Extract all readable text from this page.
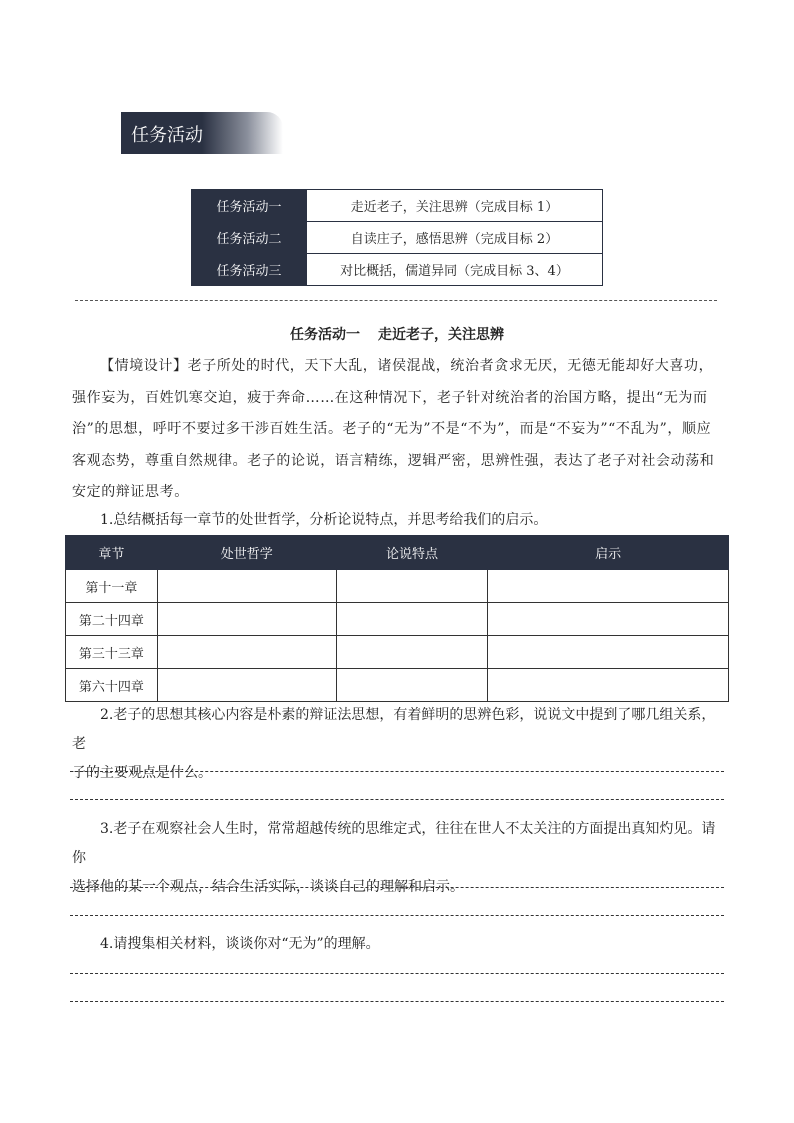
任务活动
任务活动一	走近老子，关注思辨（完成目标 1）
任务活动二	自读庄子，感悟思辨（完成目标 2）
任务活动三	对比概括，儒道异同（完成目标 3、4）
任务活动一 走近老子，关注思辨
【情境设计】老子所处的时代，天下大乱，诸侯混战，统治者贪求无厌，无德无能却好大喜功，强作妄为，百姓饥寒交迫，疲于奔命……在这种情况下，老子针对统治者的治国方略，提出“无为而治”的思想，呼吁不要过多干涉百姓生活。老子的“无为”不是“不为”，而是“不妄为”“不乱为”，顺应客观态势，尊重自然规律。老子的论说，语言精练，逻辑严密，思辨性强，表达了老子对社会动荡和安定的辩证思考。
1.总结概括每一章节的处世哲学，分析论说特点，并思考给我们的启示。
章节	处世哲学	论说特点	启示
第十一章			
第二十四章			
第三十三章			
第六十四章			
2.老子的思想其核心内容是朴素的辩证法思想，有着鲜明的思辨色彩，说说文中提到了哪几组关系，老
子的主要观点是什么。
3.老子在观察社会人生时，常常超越传统的思维定式，往往在世人不太关注的方面提出真知灼见。请你
选择他的某一个观点，结合生活实际，谈谈自己的理解和启示。
4.请搜集相关材料，谈谈你对“无为”的理解。
